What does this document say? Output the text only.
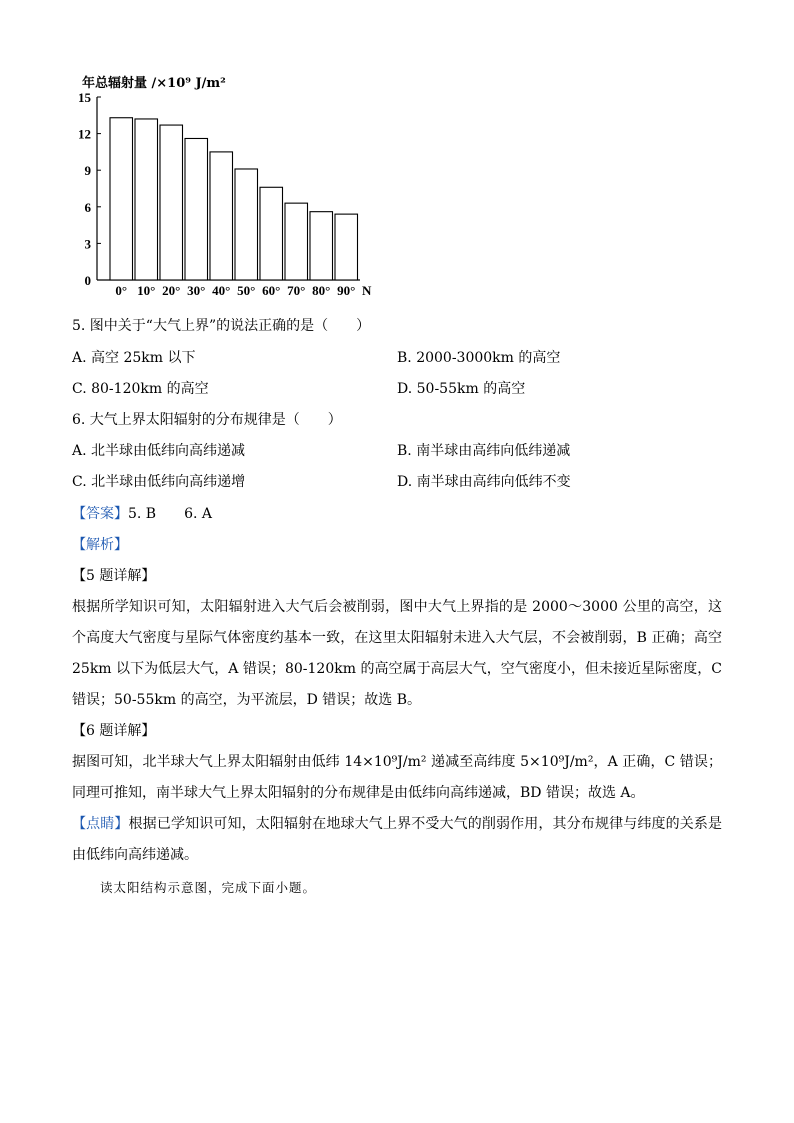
年总辐射量 /×10⁹ J/m²
0
3
6
9
12
15
0° 10° 20° 30° 40° 50° 60° 70° 80° 90° N
5. 图中关于“大气上界”的说法正确的是（　　）
A. 高空 25km 以下	B. 2000-3000km 的高空
C. 80-120km 的高空	D. 50-55km 的高空
6. 大气上界太阳辐射的分布规律是（　　）
A. 北半球由低纬向高纬递减	B. 南半球由高纬向低纬递减
C. 北半球由低纬向高纬递增	D. 南半球由高纬向低纬不变
【答案】5. B　　6. A
【解析】
【5 题详解】
根据所学知识可知，太阳辐射进入大气后会被削弱，图中大气上界指的是 2000～3000 公里的高空，这个高度大气密度与星际气体密度约基本一致，在这里太阳辐射未进入大气层，不会被削弱，B 正确；高空 25km 以下为低层大气，A 错误；80-120km 的高空属于高层大气，空气密度小，但未接近星际密度，C 错误；50-55km 的高空，为平流层，D 错误；故选 B。
【6 题详解】
据图可知，北半球大气上界太阳辐射由低纬 14×10⁹J/m² 递减至高纬度 5×10⁹J/m²，A 正确，C 错误；同理可推知，南半球大气上界太阳辐射的分布规律是由低纬向高纬递减，BD 错误；故选 A。
【点睛】根据已学知识可知，太阳辐射在地球大气上界不受大气的削弱作用，其分布规律与纬度的关系是由低纬向高纬递减。
读太阳结构示意图，完成下面小题。
